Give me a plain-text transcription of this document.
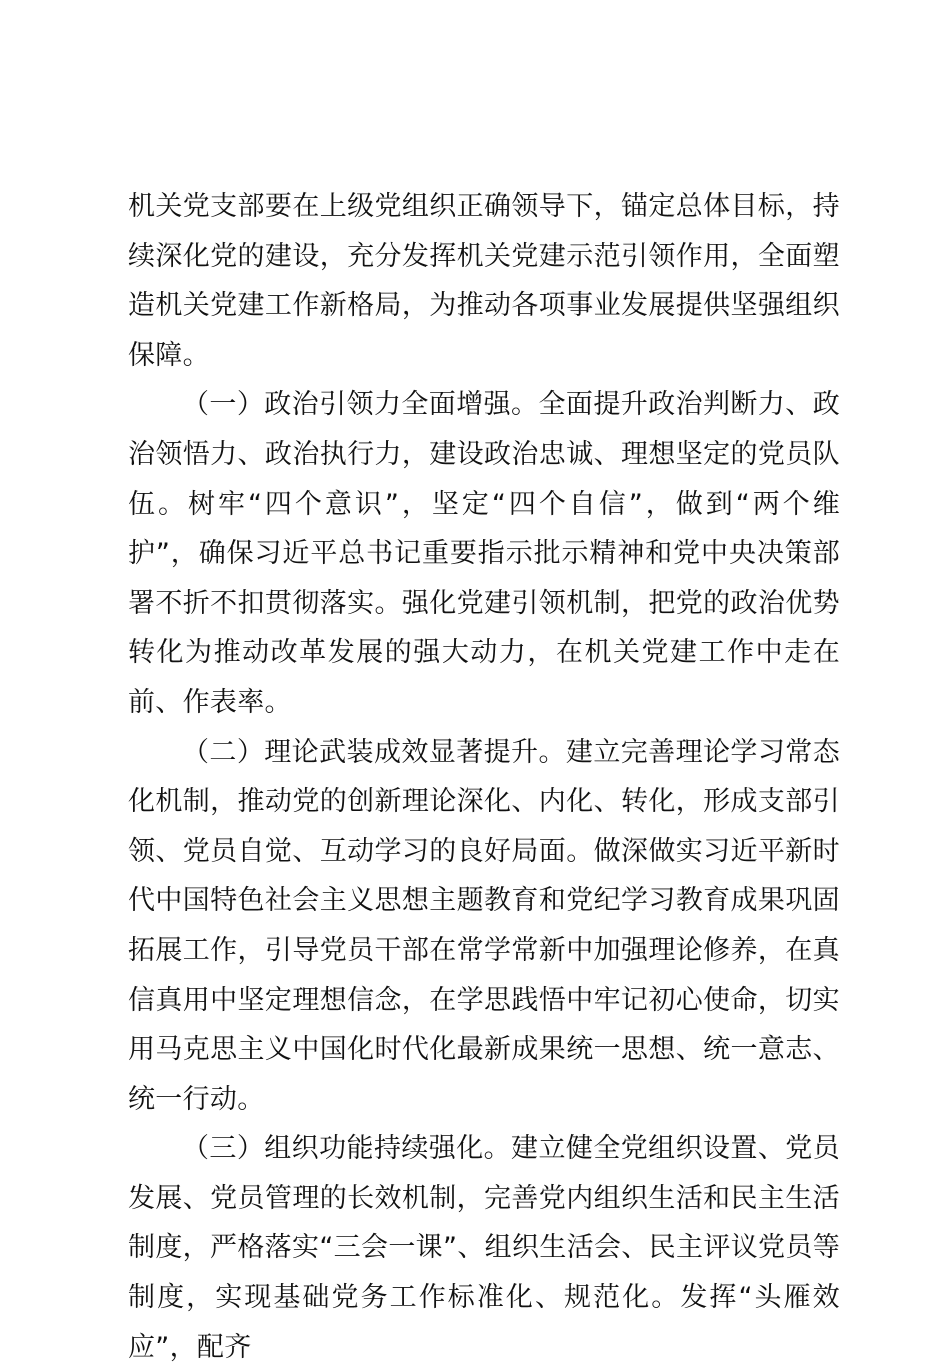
机关党支部要在上级党组织正确领导下，锚定总体目标，持续深化党的建设，充分发挥机关党建示范引领作用，全面塑造机关党建工作新格局，为推动各项事业发展提供坚强组织保障。

（一）政治引领力全面增强。全面提升政治判断力、政治领悟力、政治执行力，建设政治忠诚、理想坚定的党员队伍。树牢“四个意识”，坚定“四个自信”，做到“两个维护”，确保习近平总书记重要指示批示精神和党中央决策部署不折不扣贯彻落实。强化党建引领机制，把党的政治优势转化为推动改革发展的强大动力，在机关党建工作中走在前、作表率。

（二）理论武装成效显著提升。建立完善理论学习常态化机制，推动党的创新理论深化、内化、转化，形成支部引领、党员自觉、互动学习的良好局面。做深做实习近平新时代中国特色社会主义思想主题教育和党纪学习教育成果巩固拓展工作，引导党员干部在常学常新中加强理论修养，在真信真用中坚定理想信念，在学思践悟中牢记初心使命，切实用马克思主义中国化时代化最新成果统一思想、统一意志、统一行动。

（三）组织功能持续强化。建立健全党组织设置、党员发展、党员管理的长效机制，完善党内组织生活和民主生活制度，严格落实“三会一课”、组织生活会、民主评议党员等制度，实现基础党务工作标准化、规范化。发挥“头雁效应”，配齐
